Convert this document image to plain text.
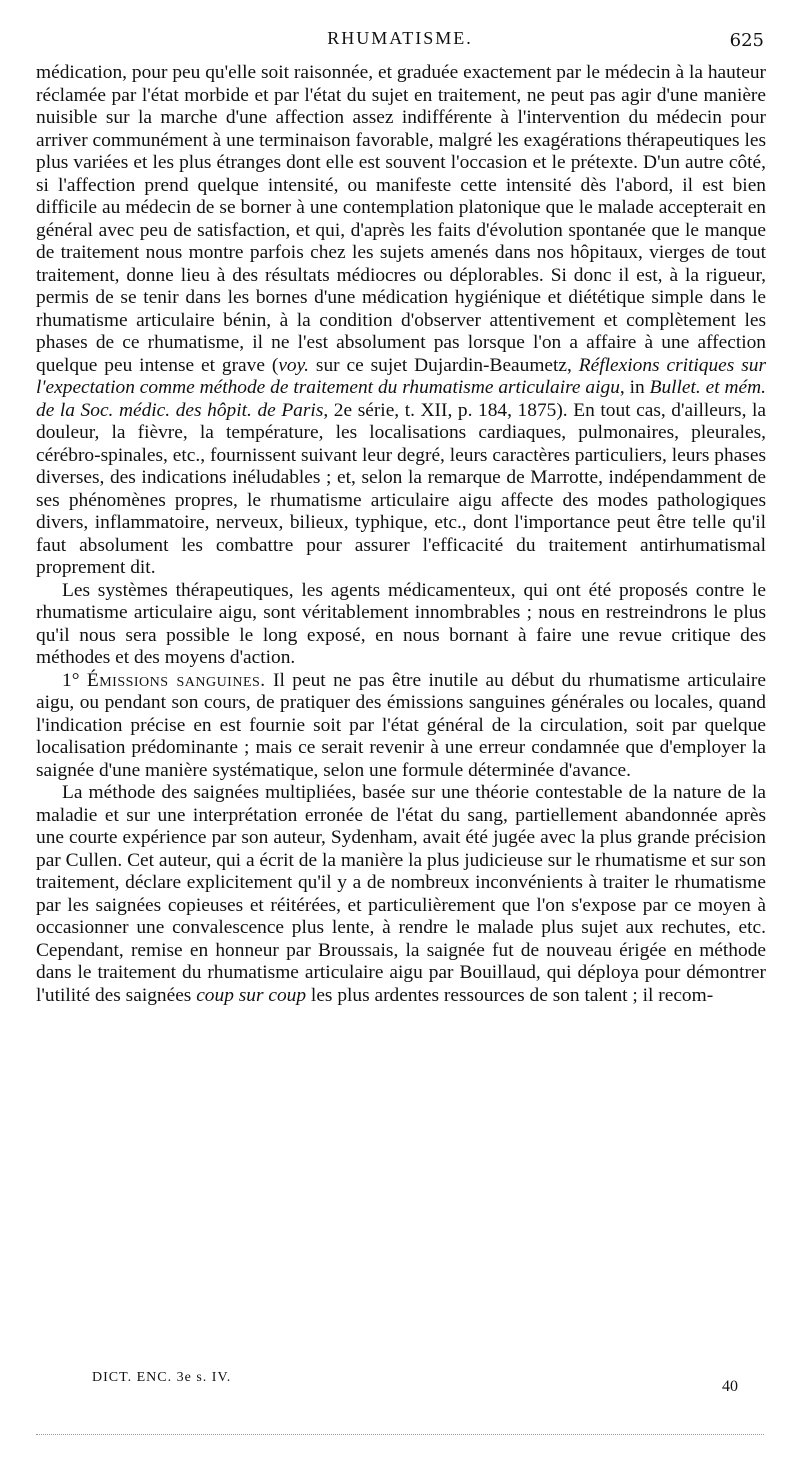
RHUMATISME.	625

médication, pour peu qu'elle soit raisonnée, et graduée exactement par le médecin à la hauteur réclamée par l'état morbide et par l'état du sujet en traitement, ne peut pas agir d'une manière nuisible sur la marche d'une affection assez indifférente à l'intervention du médecin pour arriver communément à une terminaison favorable, malgré les exagérations thérapeutiques les plus variées et les plus étranges dont elle est souvent l'occasion et le prétexte. D'un autre côté, si l'affection prend quelque intensité, ou manifeste cette intensité dès l'abord, il est bien difficile au médecin de se borner à une contemplation platonique que le malade accepterait en général avec peu de satisfaction, et qui, d'après les faits d'évolution spontanée que le manque de traitement nous montre parfois chez les sujets amenés dans nos hôpitaux, vierges de tout traitement, donne lieu à des résultats médiocres ou déplorables. Si donc il est, à la rigueur, permis de se tenir dans les bornes d'une médication hygiénique et diététique simple dans le rhumatisme articulaire bénin, à la condition d'observer attentivement et complètement les phases de ce rhumatisme, il ne l'est absolument pas lorsque l'on a affaire à une affection quelque peu intense et grave (voy. sur ce sujet Dujardin-Beaumetz, Réflexions critiques sur l'expectation comme méthode de traitement du rhumatisme articulaire aigu, in Bullet. et mém. de la Soc. médic. des hôpit. de Paris, 2e série, t. XII, p. 184, 1875). En tout cas, d'ailleurs, la douleur, la fièvre, la température, les localisations cardiaques, pulmonaires, pleurales, cérébro-spinales, etc., fournissent suivant leur degré, leurs caractères particuliers, leurs phases diverses, des indications inéludables ; et, selon la remarque de Marrotte, indépendamment de ses phénomènes propres, le rhumatisme articulaire aigu affecte des modes pathologiques divers, inflammatoire, nerveux, bilieux, typhique, etc., dont l'importance peut être telle qu'il faut absolument les combattre pour assurer l'efficacité du traitement antirhumatismal proprement dit.

Les systèmes thérapeutiques, les agents médicamenteux, qui ont été proposés contre le rhumatisme articulaire aigu, sont véritablement innombrables ; nous en restreindrons le plus qu'il nous sera possible le long exposé, en nous bornant à faire une revue critique des méthodes et des moyens d'action.

1° Émissions sanguines. Il peut ne pas être inutile au début du rhumatisme articulaire aigu, ou pendant son cours, de pratiquer des émissions sanguines générales ou locales, quand l'indication précise en est fournie soit par l'état général de la circulation, soit par quelque localisation prédominante ; mais ce serait revenir à une erreur condamnée que d'employer la saignée d'une manière systématique, selon une formule déterminée d'avance.

La méthode des saignées multipliées, basée sur une théorie contestable de la nature de la maladie et sur une interprétation erronée de l'état du sang, partiellement abandonnée après une courte expérience par son auteur, Sydenham, avait été jugée avec la plus grande précision par Cullen. Cet auteur, qui a écrit de la manière la plus judicieuse sur le rhumatisme et sur son traitement, déclare explicitement qu'il y a de nombreux inconvénients à traiter le rhumatisme par les saignées copieuses et réitérées, et particulièrement que l'on s'expose par ce moyen à occasionner une convalescence plus lente, à rendre le malade plus sujet aux rechutes, etc. Cependant, remise en honneur par Broussais, la saignée fut de nouveau érigée en méthode dans le traitement du rhumatisme articulaire aigu par Bouillaud, qui déploya pour démontrer l'utilité des saignées coup sur coup les plus ardentes ressources de son talent ; il recom-

DICT. ENC. 3e s. IV.
40
